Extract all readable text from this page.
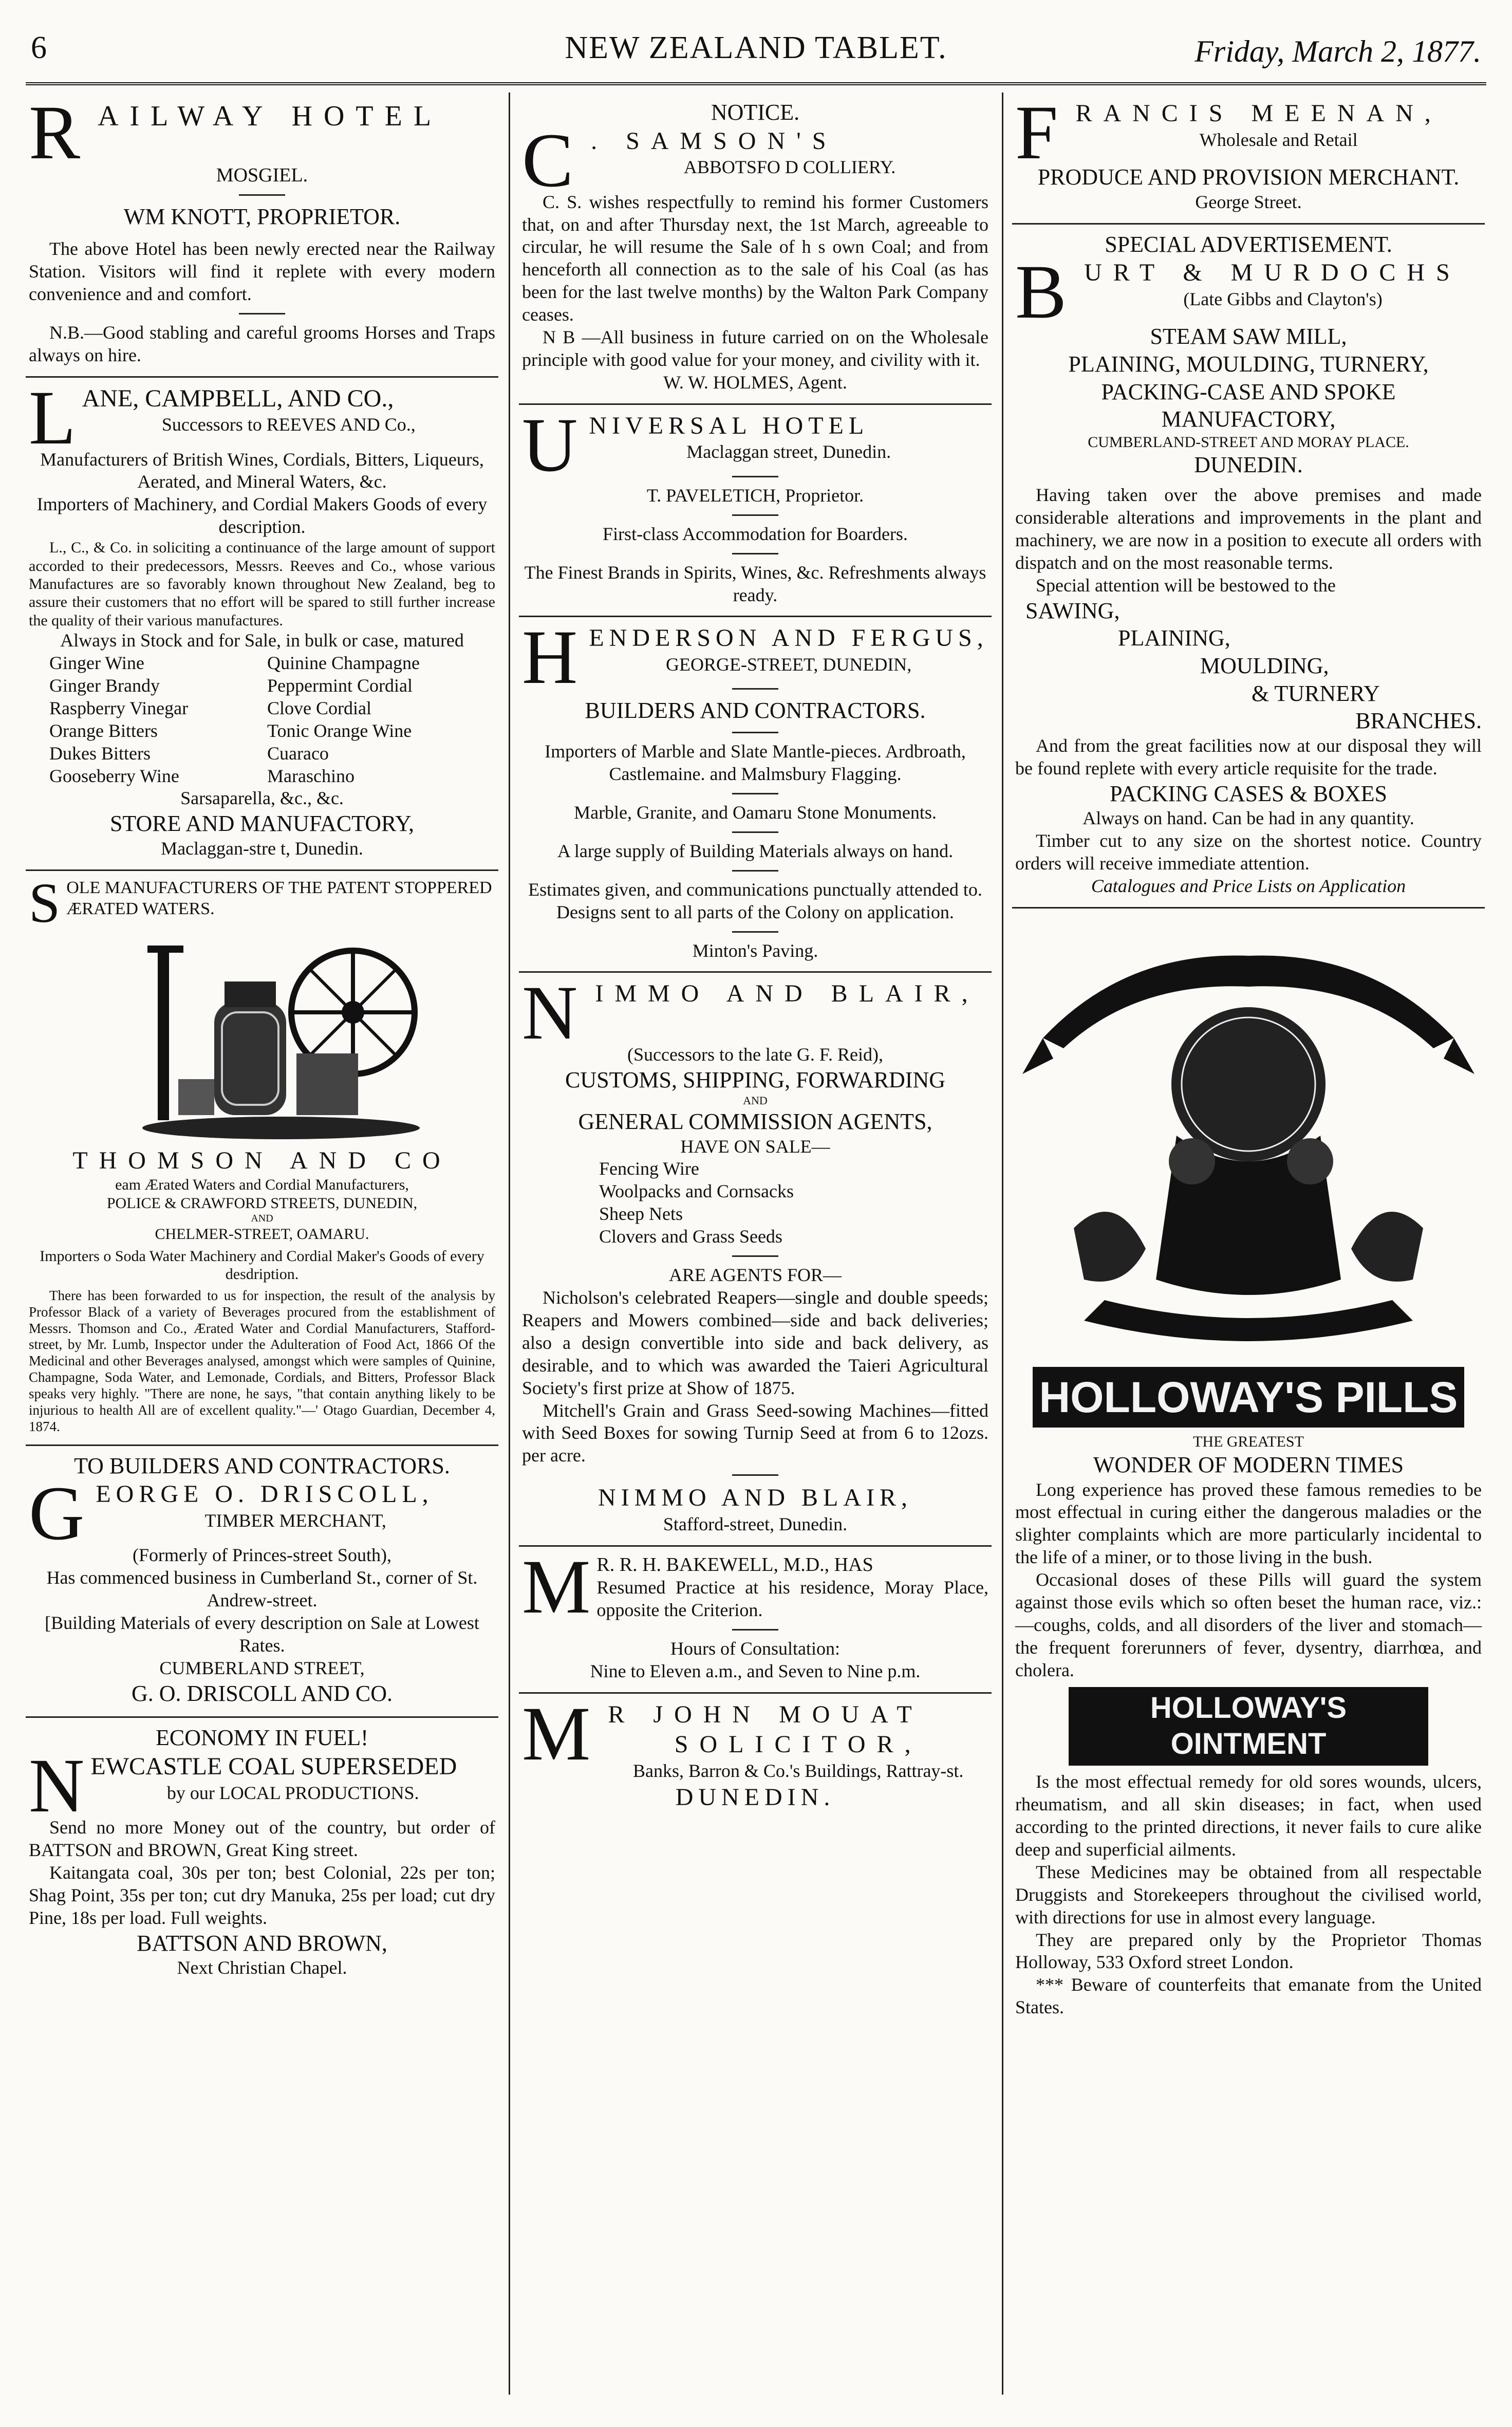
6	NEW ZEALAND TABLET.	Friday, March 2, 1877.
RAILWAY HOTEL
MOSGIEL.
WM KNOTT, PROPRIETOR.
The above Hotel has been newly erected near the Railway Station. Visitors will find it replete with every modern convenience and and comfort.
N.B.—Good stabling and careful grooms Horses and Traps always on hire.
LANE, CAMPBELL, AND CO.,
Successors to REEVES AND Co.,
Manufacturers of British Wines, Cordials, Bitters, Liqueurs, Aerated, and Mineral Waters, &c.
Importers of Machinery, and Cordial Makers Goods of every description.
L., C., & Co. in soliciting a continuance of the large amount of support accorded to their predecessors, Messrs. Reeves and Co., whose various Manufactures are so favorably known throughout New Zealand, beg to assure their customers that no effort will be spared to still further increase the quality of their various manufactures.
Always in Stock and for Sale, in bulk or case, matured
Ginger Wine	Quinine Champagne
Ginger Brandy	Peppermint Cordial
Raspberry Vinegar	Clove Cordial
Orange Bitters	Tonic Orange Wine
Dukes Bitters	Cuaraco
Gooseberry Wine	Maraschino
Sarsaparella, &c., &c.
STORE AND MANUFACTORY,
Maclaggan-stre t, Dunedin.
SOLE MANUFACTURERS OF THE PATENT STOPPERED ÆRATED WATERS.
THOMSON AND CO
eam Ærated Waters and Cordial Manufacturers,
POLICE & CRAWFORD STREETS, DUNEDIN,
AND
CHELMER-STREET, OAMARU.
Importers o Soda Water Machinery and Cordial Maker's Goods of every desdription.
There has been forwarded to us for inspection, the result of the analysis by Professor Black of a variety of Beverages procured from the establishment of Messrs. Thomson and Co., Ærated Water and Cordial Manufacturers, Stafford-street, by Mr. Lumb, Inspector under the Adulteration of Food Act, 1866 Of the Medicinal and other Beverages analysed, amongst which were samples of Quinine, Champagne, Soda Water, and Lemonade, Cordials, and Bitters, Professor Black speaks very highly. "There are none, he says, "that contain anything likely to be injurious to health All are of excellent quality."—' Otago Guardian, December 4, 1874.
TO BUILDERS AND CONTRACTORS.
GEORGE O. DRISCOLL,
TIMBER MERCHANT,
(Formerly of Princes-street South),
Has commenced business in Cumberland St., corner of St. Andrew-street.
[Building Materials of every description on Sale at Lowest Rates.
CUMBERLAND STREET,
G. O. DRISCOLL AND CO.
ECONOMY IN FUEL!
NEWCASTLE COAL SUPERSEDED
by our LOCAL PRODUCTIONS.
Send no more Money out of the country, but order of BATTSON and BROWN, Great King street.
Kaitangata coal, 30s per ton; best Colonial, 22s per ton; Shag Point, 35s per ton; cut dry Manuka, 25s per load; cut dry Pine, 18s per load. Full weights.
BATTSON AND BROWN,
Next Christian Chapel.
NOTICE.
C . SAMSON'S
ABBOTSFO D COLLIERY.
C. S. wishes respectfully to remind his former Customers that, on and after Thursday next, the 1st March, agreeable to circular, he will resume the Sale of h s own Coal; and from henceforth all connection as to the sale of his Coal (as has been for the last twelve months) by the Walton Park Company ceases.
N B —All business in future carried on on the Wholesale principle with good value for your money, and civility with it.
W. W. HOLMES, Agent.
UNIVERSAL HOTEL
Maclaggan street, Dunedin.
T. PAVELETICH, Proprietor.
First-class Accommodation for Boarders.
The Finest Brands in Spirits, Wines, &c. Refreshments always ready.
HENDERSON AND FERGUS,
GEORGE-STREET, DUNEDIN,
BUILDERS AND CONTRACTORS.
Importers of Marble and Slate Mantle-pieces. Ardbroath, Castlemaine. and Malmsbury Flagging.
Marble, Granite, and Oamaru Stone Monuments.
A large supply of Building Materials always on hand.
Estimates given, and communications punctually attended to. Designs sent to all parts of the Colony on application.
Minton's Paving.
NIMMO AND BLAIR,
(Successors to the late G. F. Reid),
CUSTOMS, SHIPPING, FORWARDING
AND
GENERAL COMMISSION AGENTS,
HAVE ON SALE—
Fencing Wire
Woolpacks and Cornsacks
Sheep Nets
Clovers and Grass Seeds
ARE AGENTS FOR—
Nicholson's celebrated Reapers—single and double speeds; Reapers and Mowers combined—side and back deliveries; also a design convertible into side and back delivery, as desirable, and to which was awarded the Taieri Agricultural Society's first prize at Show of 1875.
Mitchell's Grain and Grass Seed-sowing Machines—fitted with Seed Boxes for sowing Turnip Seed at from 6 to 12ozs. per acre.
NIMMO AND BLAIR,
Stafford-street, Dunedin.
M R. R. H. BAKEWELL, M.D., HAS
Resumed Practice at his residence, Moray Place, opposite the Criterion.
Hours of Consultation:
Nine to Eleven a.m., and Seven to Nine p.m.
M R JOHN MOUAT
SOLICITOR,
Banks, Barron & Co.'s Buildings, Rattray-st.
DUNEDIN.
FRANCIS MEENAN,
Wholesale and Retail
PRODUCE AND PROVISION MERCHANT.
George Street.
SPECIAL ADVERTISEMENT.
BURT & MURDOCHS
(Late Gibbs and Clayton's)
STEAM SAW MILL,
PLAINING, MOULDING, TURNERY, PACKING-CASE AND SPOKE MANUFACTORY,
CUMBERLAND-STREET AND MORAY PLACE.
DUNEDIN.
Having taken over the above premises and made considerable alterations and improvements in the plant and machinery, we are now in a position to execute all orders with dispatch and on the most reasonable terms.
Special attention will be bestowed to the
SAWING,
PLAINING,
MOULDING,
& TURNERY
BRANCHES.
And from the great facilities now at our disposal they will be found replete with every article requisite for the trade.
PACKING CASES & BOXES
Always on hand. Can be had in any quantity.
Timber cut to any size on the shortest notice. Country orders will receive immediate attention.
Catalogues and Price Lists on Application
HOLLOWAY'S PILLS
THE GREATEST
WONDER OF MODERN TIMES
Long experience has proved these famous remedies to be most effectual in curing either the dangerous maladies or the slighter complaints which are more particularly incidental to the life of a miner, or to those living in the bush.
Occasional doses of these Pills will guard the system against those evils which so often beset the human race, viz.:—coughs, colds, and all disorders of the liver and stomach—the frequent forerunners of fever, dysentry, diarrhœa, and cholera.
HOLLOWAY'S OINTMENT
Is the most effectual remedy for old sores wounds, ulcers, rheumatism, and all skin diseases; in fact, when used according to the printed directions, it never fails to cure alike deep and superficial ailments.
These Medicines may be obtained from all respectable Druggists and Storekeepers throughout the civilised world, with directions for use in almost every language.
They are prepared only by the Proprietor Thomas Holloway, 533 Oxford street London.
*** Beware of counterfeits that emanate from the United States.
